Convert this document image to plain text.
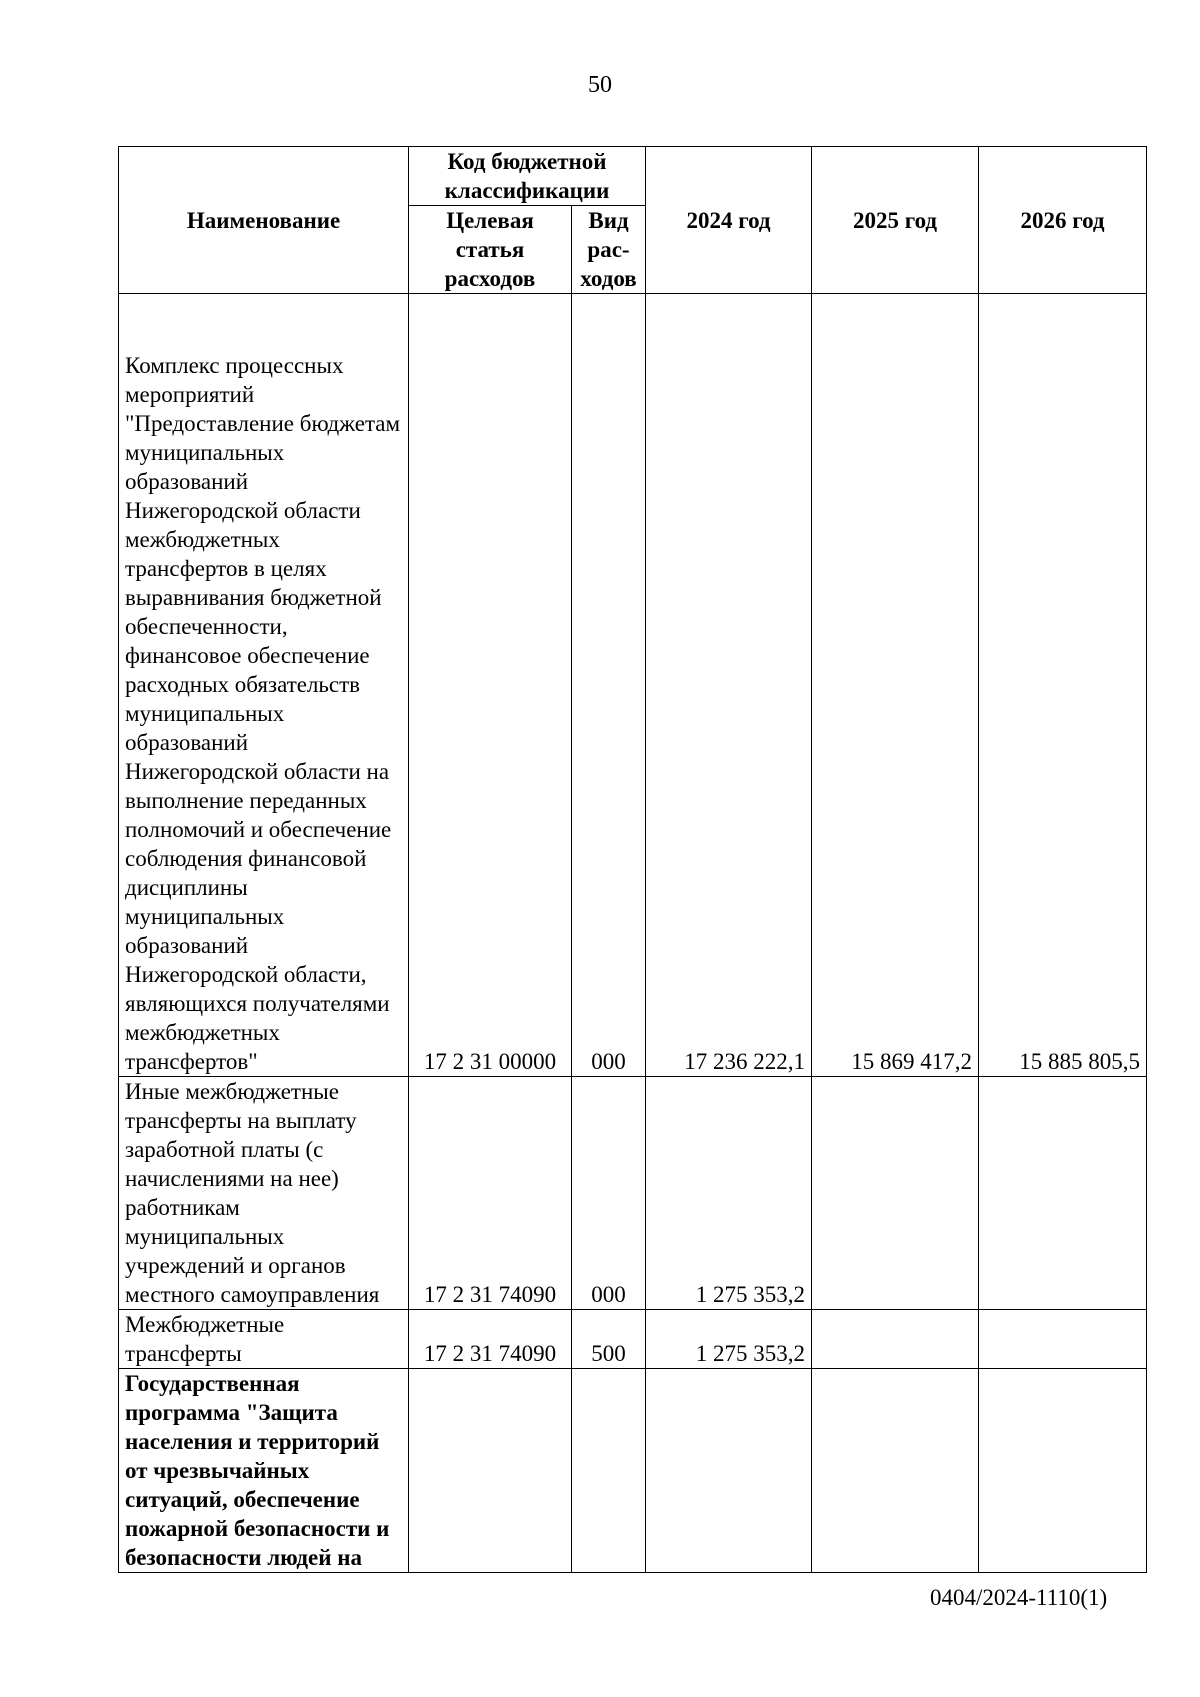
50
Наименование	Код бюджетной классификации		2024 год	2025 год	2026 год
	Целевая статья расходов	Вид рас- ходов			
Комплекс процессных мероприятий "Предоставление бюджетам муниципальных образований Нижегородской области межбюджетных трансфертов в целях выравнивания бюджетной обеспеченности, финансовое обеспечение расходных обязательств муниципальных образований Нижегородской области на выполнение переданных полномочий и обеспечение соблюдения финансовой дисциплины муниципальных образований Нижегородской области, являющихся получателями межбюджетных трансфертов"	17 2 31 00000	000	17 236 222,1	15 869 417,2	15 885 805,5
Иные межбюджетные трансферты на выплату заработной платы (с начислениями на нее) работникам муниципальных учреждений и органов местного самоуправления	17 2 31 74090	000	1 275 353,2		
Межбюджетные трансферты	17 2 31 74090	500	1 275 353,2		
Государственная программа "Защита населения и территорий от чрезвычайных ситуаций, обеспечение пожарной безопасности и безопасности людей на					
0404/2024-1110(1)
